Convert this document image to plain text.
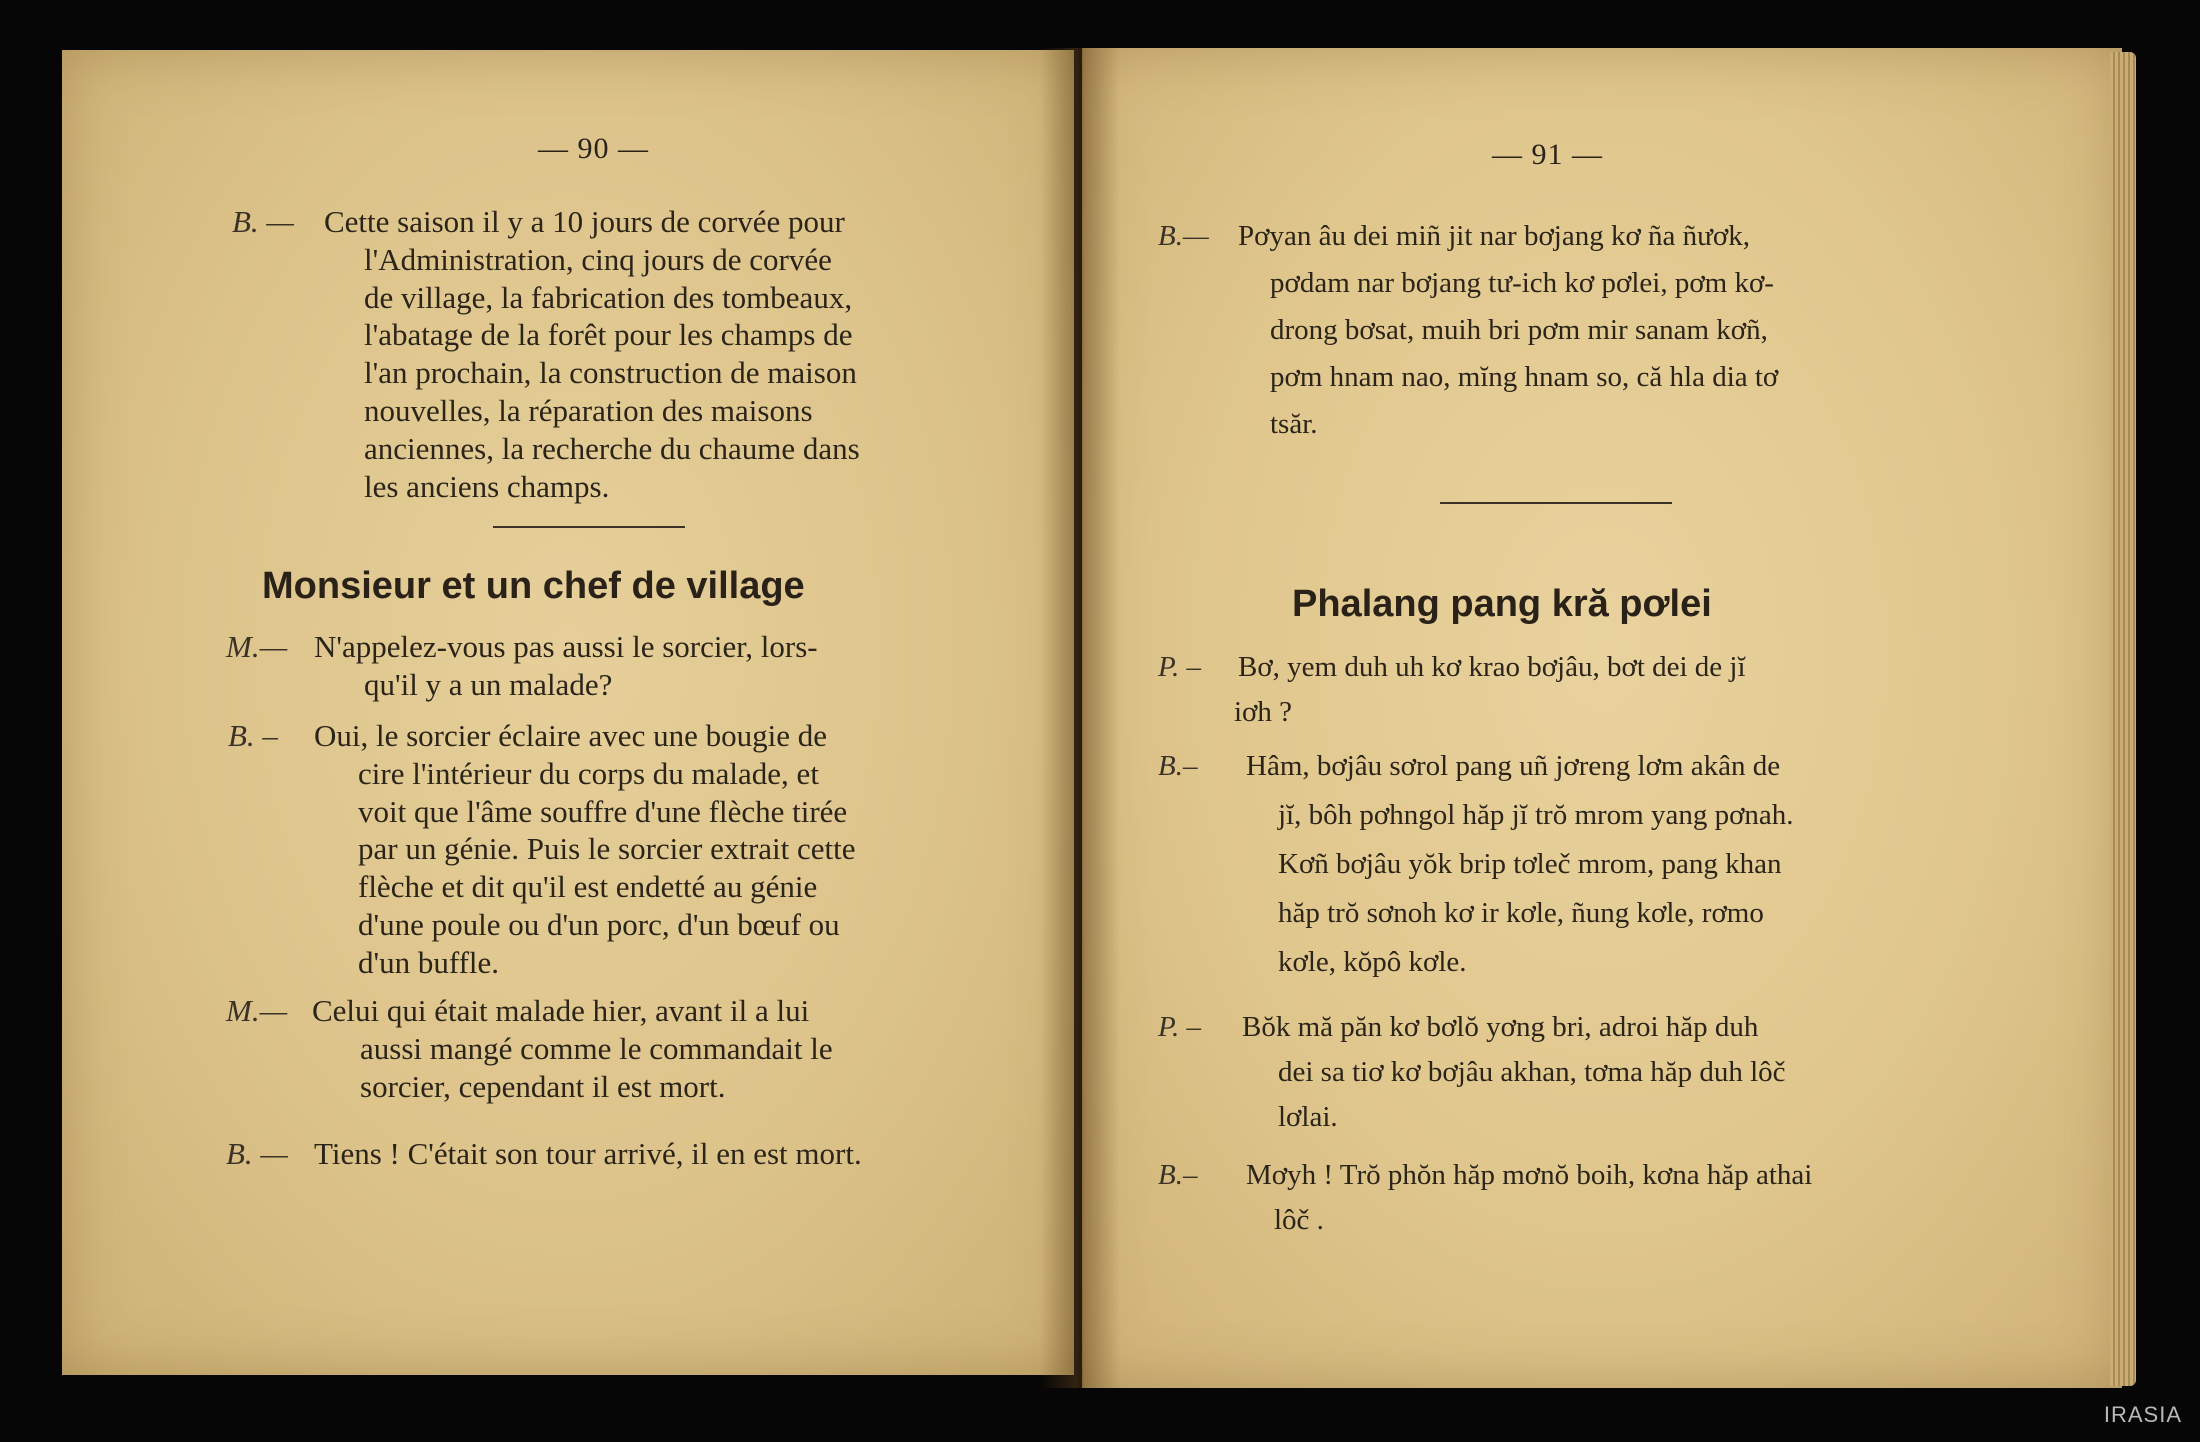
— 90 —	— 91 —
B. — Cette saison il y a 10 jours de corvée pour
l'Administration, cinq jours de corvée
de village, la fabrication des tombeaux,
l'abatage de la forêt pour les champs de
l'an prochain, la construction de maison
nouvelles, la réparation des maisons
anciennes, la recherche du chaume dans
les anciens champs.
Monsieur et un chef de village
M.— N'appelez-vous pas aussi le sorcier, lors-
qu'il y a un malade?
B. – Oui, le sorcier éclaire avec une bougie de
cire l'intérieur du corps du malade, et
voit que l'âme souffre d'une flèche tirée
par un génie. Puis le sorcier extrait cette
flèche et dit qu'il est endetté au génie
d'une poule ou d'un porc, d'un bœuf ou
d'un buffle.
M.— Celui qui était malade hier, avant il a lui
aussi mangé comme le commandait le
sorcier, cependant il est mort.
B. — Tiens ! C'était son tour arrivé, il en est mort.
B.— Pơyan âu dei miñ jit nar bơjang kơ ña ñươk,
pơdam nar bơjang tư-ich kơ pơlei, pơm kơ-
drong bơsat, muih bri pơm mir sanam kơñ,
pơm hnam nao, mĭng hnam so, că hla dia tơ
tsăr.
Phalang pang kră pơlei
P. – Bơ, yem duh uh kơ krao bơjâu, bơt dei de jĭ
iơh ?
B.– Hâm, bơjâu sơrol pang uñ jơreng lơm akân de
jĭ, bôh pơhngol hăp jĭ trŏ mrom yang pơnah.
Kơñ bơjâu yŏk brip tơleč mrom, pang khan
hăp trŏ sơnoh kơ ir kơle, ñung kơle, rơmo
kơle, kŏpô kơle.
P. – Bŏk mă păn kơ bơlŏ yơng bri, adroi hăp duh
dei sa tiơ kơ bơjâu akhan, tơma hăp duh lôč
lơlai.
B.– Mơyh ! Trŏ phŏn hăp mơnŏ boih, kơna hăp athai
lôč .
IRASIA
